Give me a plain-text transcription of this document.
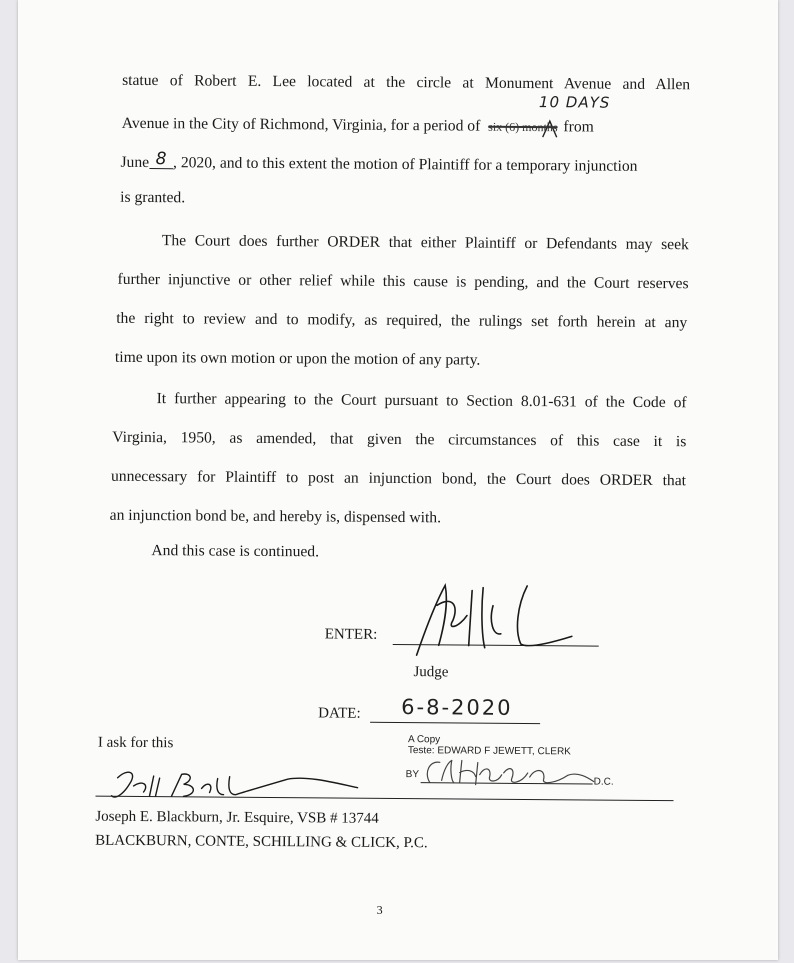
statue of Robert E. Lee located at the circle at Monument Avenue and Allen
10 DAYS
Avenue in the City of Richmond, Virginia, for a period of six (6) months from
June 8 , 2020, and to this extent the motion of Plaintiff for a temporary injunction
is granted.
The Court does further ORDER that either Plaintiff or Defendants may seek
further injunctive or other relief while this cause is pending, and the Court reserves
the right to review and to modify, as required, the rulings set forth herein at any
time upon its own motion or upon the motion of any party.
It further appearing to the Court pursuant to Section 8.01-631 of the Code of
Virginia, 1950, as amended, that given the circumstances of this case it is
unnecessary for Plaintiff to post an injunction bond, the Court does ORDER that
an injunction bond be, and hereby is, dispensed with.
And this case is continued.
ENTER:
Judge
DATE: 6-8-2020
I ask for this	A Copy
Teste: EDWARD F JEWETT, CLERK
BY
D.C.
Joseph E. Blackburn, Jr. Esquire, VSB # 13744
BLACKBURN, CONTE, SCHILLING & CLICK, P.C.
3
